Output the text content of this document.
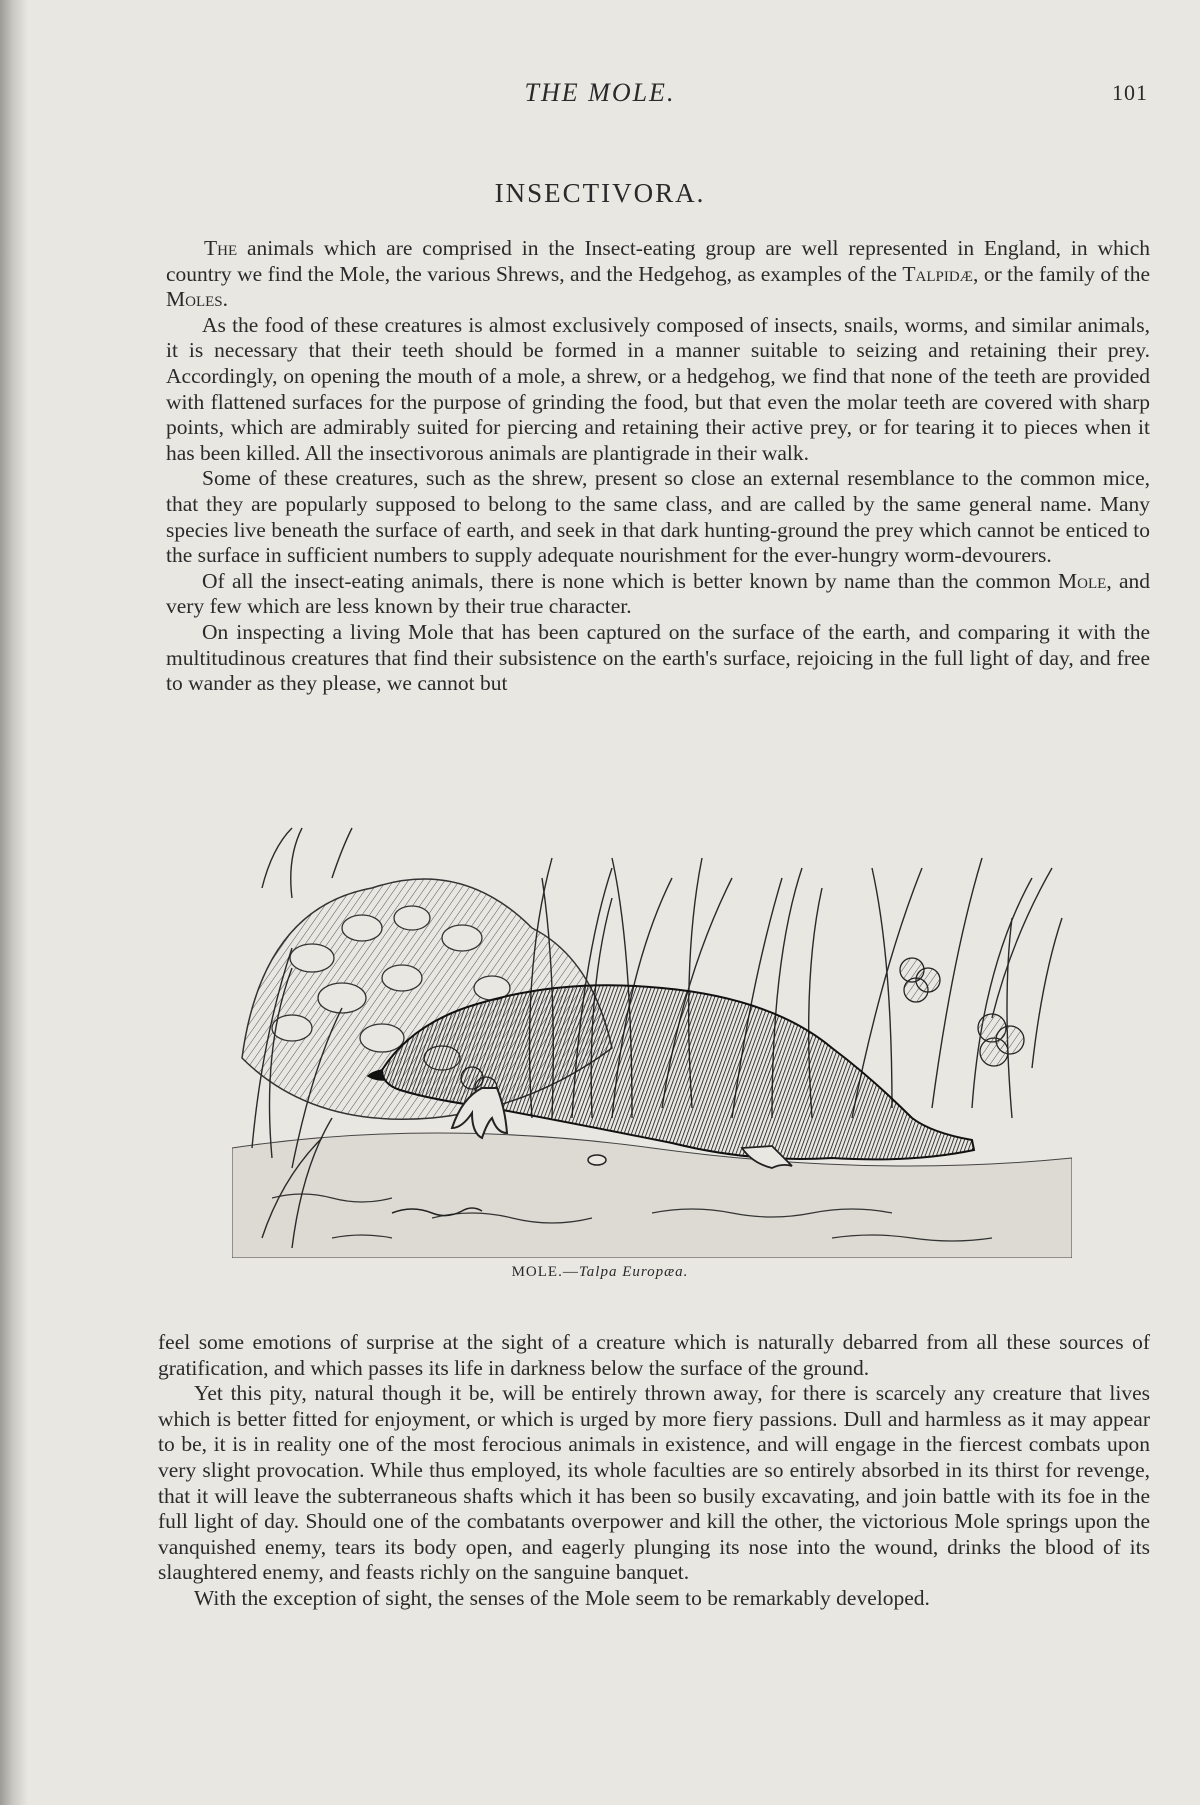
THE MOLE.	101
INSECTIVORA.

The animals which are comprised in the Insect-eating group are well represented in England, in which country we find the Mole, the various Shrews, and the Hedgehog, as examples of the Talpidæ, or the family of the Moles.

As the food of these creatures is almost exclusively composed of insects, snails, worms, and similar animals, it is necessary that their teeth should be formed in a manner suitable to seizing and retaining their prey. Accordingly, on opening the mouth of a mole, a shrew, or a hedgehog, we find that none of the teeth are provided with flattened surfaces for the purpose of grinding the food, but that even the molar teeth are covered with sharp points, which are admirably suited for piercing and retaining their active prey, or for tearing it to pieces when it has been killed. All the insectivorous animals are plantigrade in their walk.

Some of these creatures, such as the shrew, present so close an external resemblance to the common mice, that they are popularly supposed to belong to the same class, and are called by the same general name. Many species live beneath the surface of earth, and seek in that dark hunting-ground the prey which cannot be enticed to the surface in sufficient numbers to supply adequate nourishment for the ever-hungry worm-devourers.

Of all the insect-eating animals, there is none which is better known by name than the common Mole, and very few which are less known by their true character.

On inspecting a living Mole that has been captured on the surface of the earth, and comparing it with the multitudinous creatures that find their subsistence on the earth's surface, rejoicing in the full light of day, and free to wander as they please, we cannot but

MOLE.—Talpa Europæa.

feel some emotions of surprise at the sight of a creature which is naturally debarred from all these sources of gratification, and which passes its life in darkness below the surface of the ground.

Yet this pity, natural though it be, will be entirely thrown away, for there is scarcely any creature that lives which is better fitted for enjoyment, or which is urged by more fiery passions. Dull and harmless as it may appear to be, it is in reality one of the most ferocious animals in existence, and will engage in the fiercest combats upon very slight provocation. While thus employed, its whole faculties are so entirely absorbed in its thirst for revenge, that it will leave the subterraneous shafts which it has been so busily excavating, and join battle with its foe in the full light of day. Should one of the combatants overpower and kill the other, the victorious Mole springs upon the vanquished enemy, tears its body open, and eagerly plunging its nose into the wound, drinks the blood of its slaughtered enemy, and feasts richly on the sanguine banquet.

With the exception of sight, the senses of the Mole seem to be remarkably developed.
